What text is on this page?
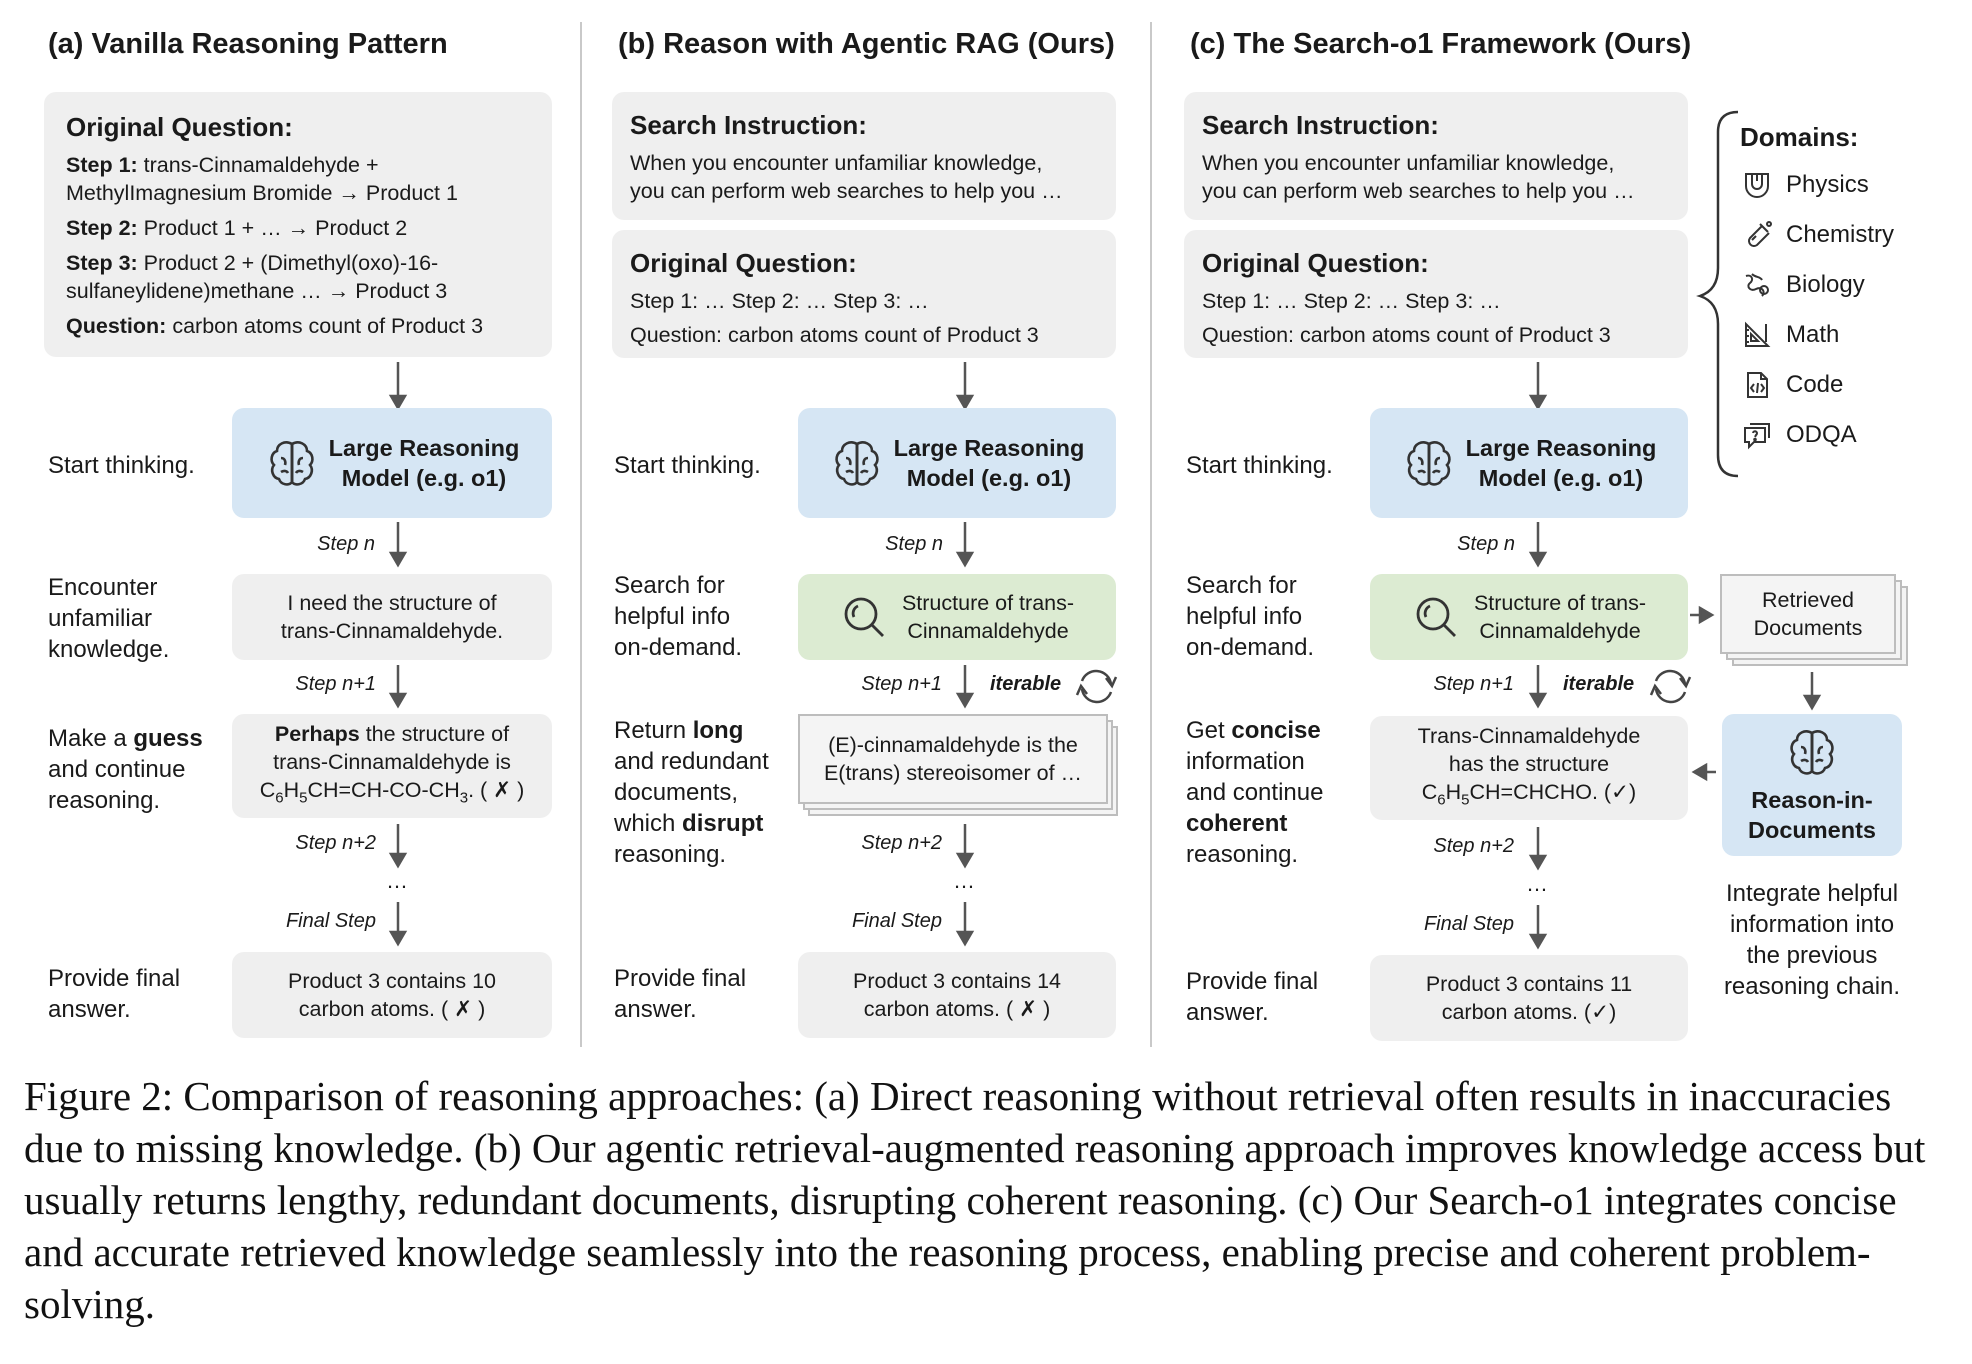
(a) Vanilla Reasoning Pattern	(b) Reason with Agentic RAG (Ours)	(c) The Search-o1 Framework (Ours)
Original Question:
Step 1: trans-Cinnamaldehyde +
MethylImagnesium Bromide → Product 1
Step 2: Product 1 + … → Product 2
Step 3: Product 2 + (Dimethyl(oxo)-16-
sulfaneylidene)methane … → Product 3
Question: carbon atoms count of Product 3
Start thinking.
Large Reasoning
Model (e.g. o1)
Step n
Encounter
unfamiliar
knowledge.
I need the structure of
trans-Cinnamaldehyde.
Step n+1
Make a guess
and continue
reasoning.
Perhaps the structure of
trans-Cinnamaldehyde is
$C_6H_5CH=CH-CO-CH_3$. ( ✗ )
Step n+2
…
Final Step
Provide final
answer.
Product 3 contains 10
carbon atoms. ( ✗ )
Search Instruction:
When you encounter unfamiliar knowledge,
you can perform web searches to help you …
Original Question:
Step 1: … Step 2: … Step 3: …
Question: carbon atoms count of Product 3
Start thinking.
Large Reasoning
Model (e.g. o1)
Step n
Search for
helpful info
on-demand.
Structure of trans-
Cinnamaldehyde
Step n+1 iterable
Return long
and redundant
documents,
which disrupt
reasoning.
(E)-cinnamaldehyde is the
E(trans) stereoisomer of …
Step n+2
…
Final Step
Provide final
answer.
Product 3 contains 14
carbon atoms. ( ✗ )
Search Instruction:
When you encounter unfamiliar knowledge,
you can perform web searches to help you …
Original Question:
Step 1: … Step 2: … Step 3: …
Question: carbon atoms count of Product 3
Domains:
Physics
Chemistry
Biology
Math
Code
ODQA
Start thinking.
Large Reasoning
Model (e.g. o1)
Step n
Search for
helpful info
on-demand.
Structure of trans-
Cinnamaldehyde
Retrieved
Documents
Step n+1 iterable
Get concise
information
and continue
coherent
reasoning.
Trans-Cinnamaldehyde
has the structure
$C_6H_5CH=CHCHO$. (✓)	Reason-in-
Documents
Integrate helpful
information into
the previous
reasoning chain.
Step n+2
…
Final Step
Provide final
answer.
Product 3 contains 11
carbon atoms. (✓)
Figure 2: Comparison of reasoning approaches: (a) Direct reasoning without retrieval often results in inaccuracies due to missing knowledge. (b) Our agentic retrieval-augmented reasoning approach improves knowledge access but usually returns lengthy, redundant documents, disrupting coherent reasoning. (c) Our Search-o1 integrates concise and accurate retrieved knowledge seamlessly into the reasoning process, enabling precise and coherent problem-solving.
